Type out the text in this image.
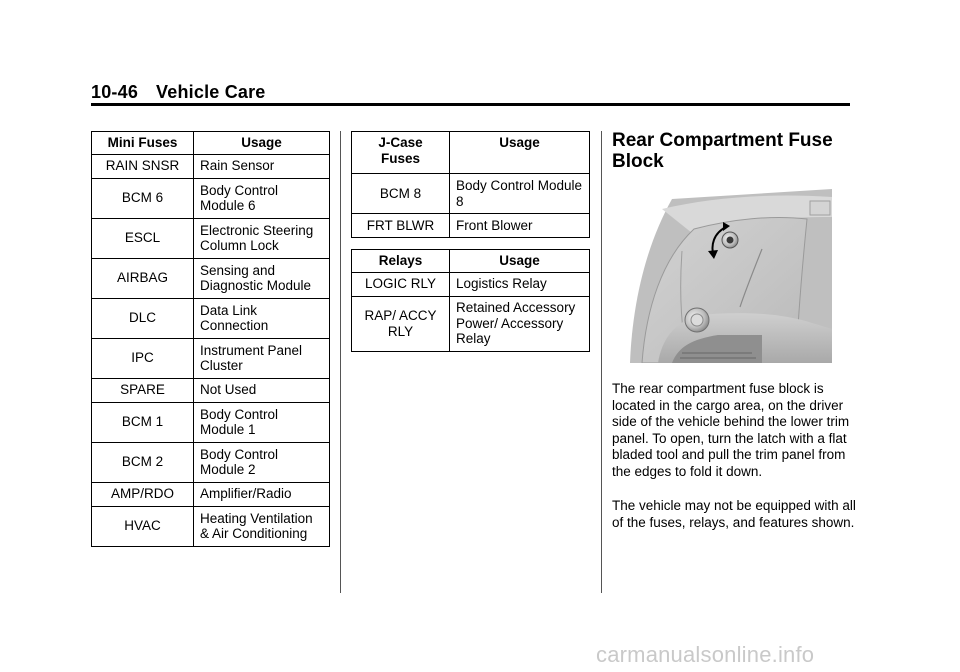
10-46 Vehicle Care
Mini Fuses	Usage
RAIN SNSR	Rain Sensor
BCM 6	Body Control Module 6
ESCL	Electronic Steering Column Lock
AIRBAG	Sensing and Diagnostic Module
DLC	Data Link Connection
IPC	Instrument Panel Cluster
SPARE	Not Used
BCM 1	Body Control Module 1
BCM 2	Body Control Module 2
AMP/RDO	Amplifier/Radio
HVAC	Heating Ventilation & Air Conditioning
J-Case Fuses	Usage
BCM 8	Body Control Module 8
FRT BLWR	Front Blower
Relays	Usage
LOGIC RLY	Logistics Relay
RAP/ ACCY RLY	Retained Accessory Power/ Accessory Relay
Rear Compartment Fuse Block

The rear compartment fuse block is located in the cargo area, on the driver side of the vehicle behind the lower trim panel. To open, turn the latch with a flat bladed tool and pull the trim panel from the edges to fold it down.

The vehicle may not be equipped with all of the fuses, relays, and features shown.

carmanualsonline.info
